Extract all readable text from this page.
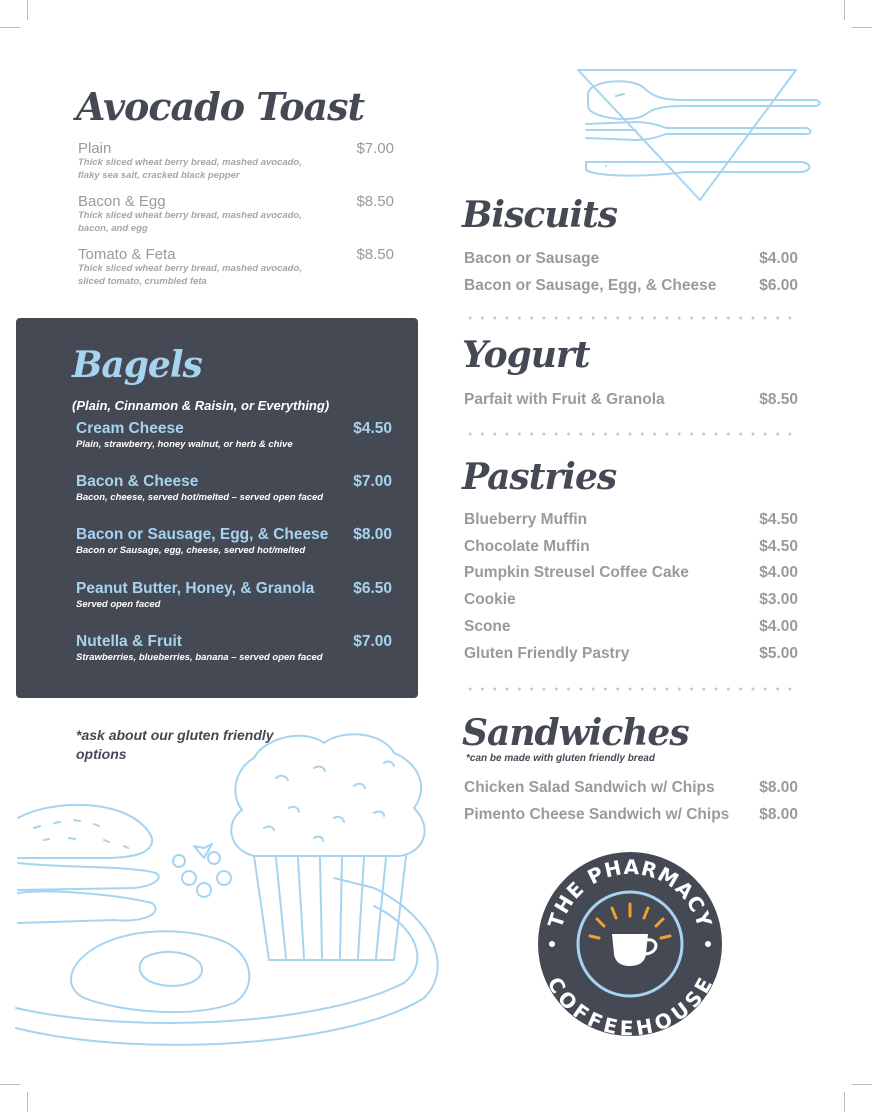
Avocado Toast
Plain	$7.00
Thick sliced wheat berry bread, mashed avocado, flaky sea salt, cracked black pepper
Bacon & Egg	$8.50
Thick sliced wheat berry bread, mashed avocado, bacon, and egg
Tomato & Feta	$8.50
Thick sliced wheat berry bread, mashed avocado, sliced tomato, crumbled feta
Bagels
(Plain, Cinnamon & Raisin, or Everything)
Cream Cheese	$4.50
Plain, strawberry, honey walnut, or herb & chive
Bacon & Cheese	$7.00
Bacon, cheese, served hot/melted – served open faced
Bacon or Sausage, Egg, & Cheese	$8.00
Bacon or Sausage, egg, cheese, served hot/melted
Peanut Butter, Honey, & Granola	$6.50
Served open faced
Nutella & Fruit	$7.00
Strawberries, blueberries, banana – served open faced
*ask about our gluten friendly options
Biscuits
Bacon or Sausage	$4.00
Bacon or Sausage, Egg, & Cheese	$6.00
Yogurt
Parfait with Fruit & Granola	$8.50
Pastries
Blueberry Muffin	$4.50
Chocolate Muffin	$4.50
Pumpkin Streusel Coffee Cake	$4.00
Cookie	$3.00
Scone	$4.00
Gluten Friendly Pastry	$5.00
Sandwiches
*can be made with gluten friendly bread
Chicken Salad Sandwich w/ Chips	$8.00
Pimento Cheese Sandwich w/ Chips $8.00
THE PHARMACY
COFFEEHOUSE
